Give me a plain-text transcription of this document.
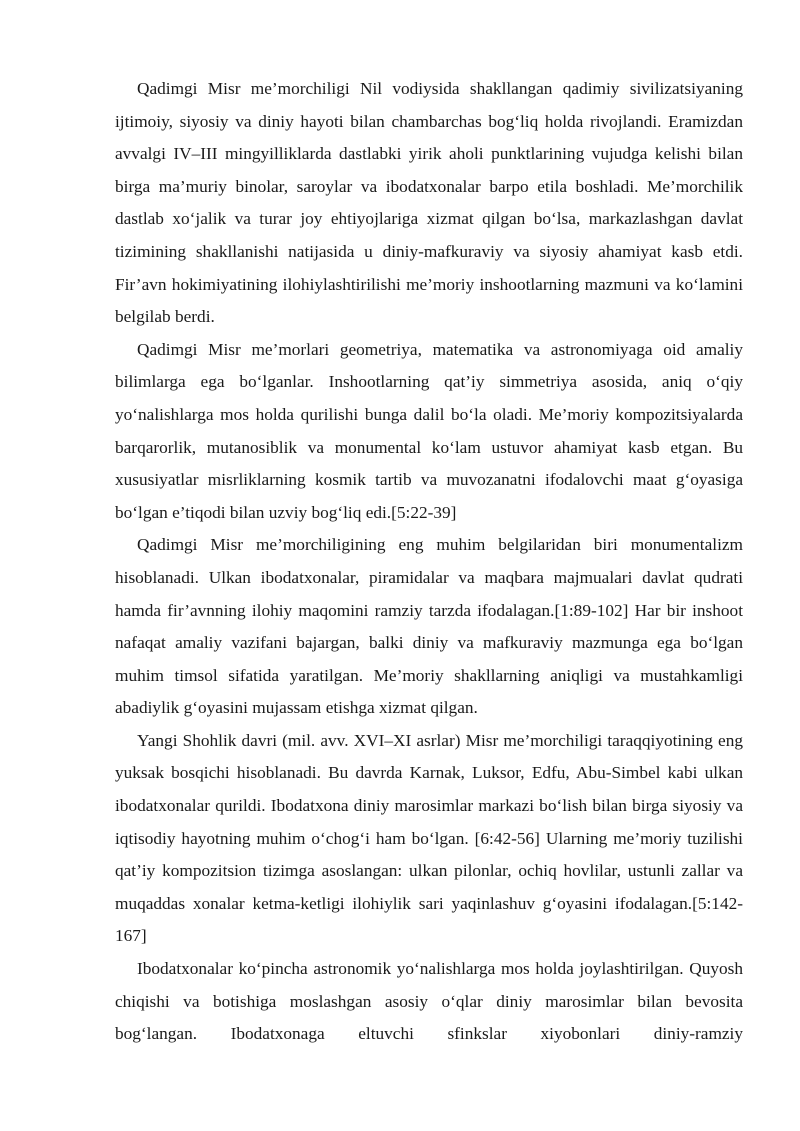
Qadimgi Misr me’morchiligi Nil vodiysida shakllangan qadimiy sivilizatsiyaning ijtimoiy, siyosiy va diniy hayoti bilan chambarchas bog‘liq holda rivojlandi. Eramizdan avvalgi IV–III mingyilliklarda dastlabki yirik aholi punktlarining vujudga kelishi bilan birga ma’muriy binolar, saroylar va ibodatxonalar barpo etila boshladi. Me’morchilik dastlab xo‘jalik va turar joy ehtiyojlariga xizmat qilgan bo‘lsa, markazlashgan davlat tizimining shakllanishi natijasida u diniy-mafkuraviy va siyosiy ahamiyat kasb etdi. Fir’avn hokimiyatining ilohiylashtirilishi me’moriy inshootlarning mazmuni va ko‘lamini belgilab berdi.

Qadimgi Misr me’morlari geometriya, matematika va astronomiyaga oid amaliy bilimlarga ega bo‘lganlar. Inshootlarning qat’iy simmetriya asosida, aniq o‘qiy yo‘nalishlarga mos holda qurilishi bunga dalil bo‘la oladi. Me’moriy kompozitsiyalarda barqarorlik, mutanosiblik va monumental ko‘lam ustuvor ahamiyat kasb etgan. Bu xususiyatlar misrliklarning kosmik tartib va muvozanatni ifodalovchi maat g‘oyasiga bo‘lgan e’tiqodi bilan uzviy bog‘liq edi.[5:22-39]

Qadimgi Misr me’morchiligining eng muhim belgilaridan biri monumentalizm hisoblanadi. Ulkan ibodatxonalar, piramidalar va maqbara majmualari davlat qudrati hamda fir’avnning ilohiy maqomini ramziy tarzda ifodalagan.[1:89-102] Har bir inshoot nafaqat amaliy vazifani bajargan, balki diniy va mafkuraviy mazmunga ega bo‘lgan muhim timsol sifatida yaratilgan. Me’moriy shakllarning aniqligi va mustahkamligi abadiylik g‘oyasini mujassam etishga xizmat qilgan.

Yangi Shohlik davri (mil. avv. XVI–XI asrlar) Misr me’morchiligi taraqqiyotining eng yuksak bosqichi hisoblanadi. Bu davrda Karnak, Luksor, Edfu, Abu-Simbel kabi ulkan ibodatxonalar qurildi. Ibodatxona diniy marosimlar markazi bo‘lish bilan birga siyosiy va iqtisodiy hayotning muhim o‘chog‘i ham bo‘lgan. [6:42-56] Ularning me’moriy tuzilishi qat’iy kompozitsion tizimga asoslangan: ulkan pilonlar, ochiq hovlilar, ustunli zallar va muqaddas xonalar ketma-ketligi ilohiylik sari yaqinlashuv g‘oyasini ifodalagan.[5:142-167]

Ibodatxonalar ko‘pincha astronomik yo‘nalishlarga mos holda joylashtirilgan. Quyosh chiqishi va botishiga moslashgan asosiy o‘qlar diniy marosimlar bilan bevosita bog‘langan. Ibodatxonaga eltuvchi sfinkslar xiyobonlari diniy-ramziy
